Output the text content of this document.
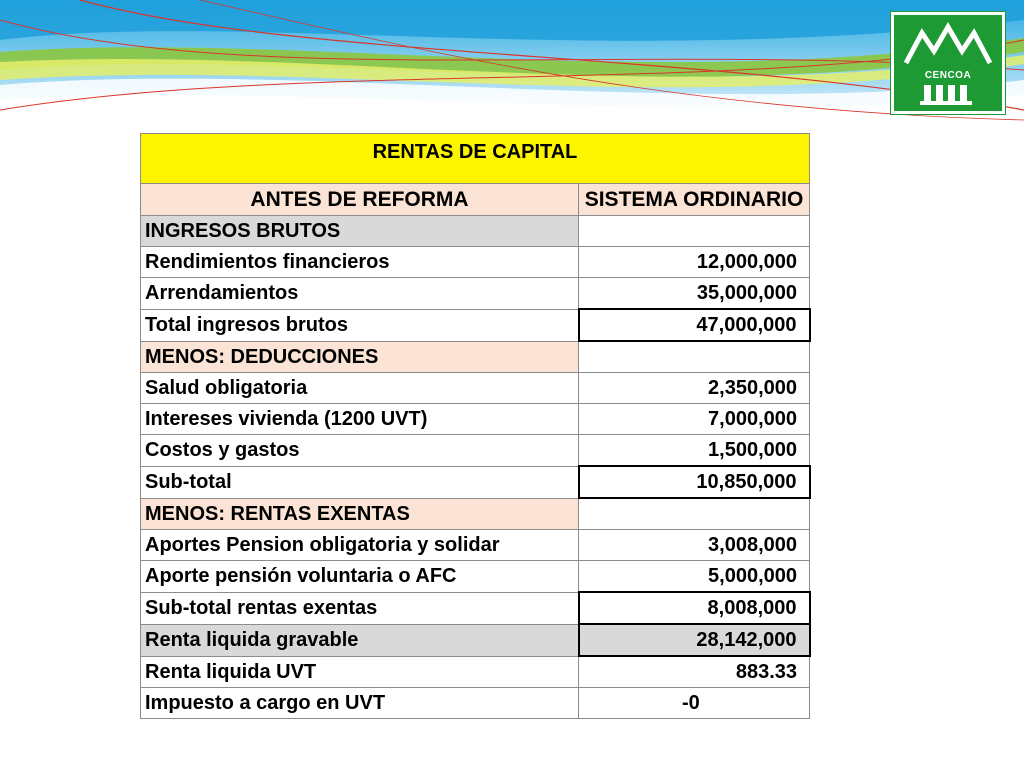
CENCOA
RENTAS DE CAPITAL	
ANTES DE REFORMA	SISTEMA ORDINARIO
INGRESOS BRUTOS	
Rendimientos financieros	12,000,000
Arrendamientos	35,000,000
Total ingresos brutos	47,000,000
MENOS: DEDUCCIONES	
Salud obligatoria	2,350,000
Intereses vivienda (1200 UVT)	7,000,000
Costos y gastos	1,500,000
Sub-total	10,850,000
MENOS: RENTAS EXENTAS	
Aportes Pension obligatoria y solidar	3,008,000
Aporte pensión voluntaria o AFC	5,000,000
Sub-total rentas exentas	8,008,000
Renta liquida gravable	28,142,000
Renta liquida UVT	883.33
Impuesto a cargo en UVT	-0
